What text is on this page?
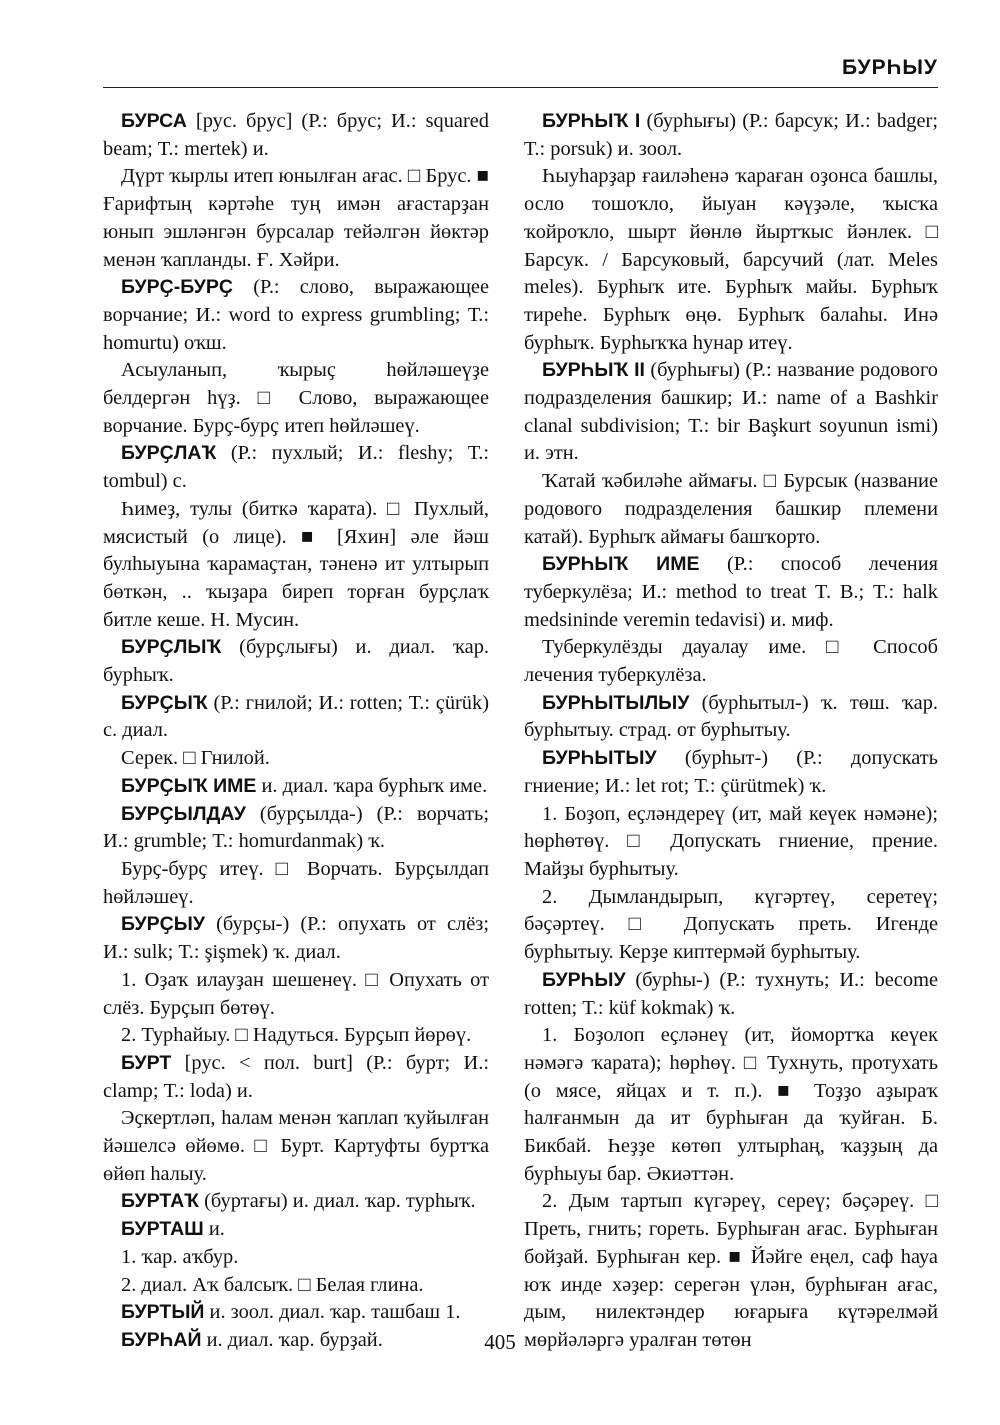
БУРҺЫУ

БУРСА [рус. брус] (Р.: брус; И.: squared beam; Т.: mertek) и.

Дүрт ҡырлы итеп юнылған ағас. □ Брус. ■ Ғарифтың кәртәһе туң имән ағастарҙан юнып эшләнгән бурсалар тейәлгән йөктәр менән ҡапланды. Ғ. Хәйри.

БУРҪ-БУРҪ (Р.: слово, выражающее ворчание; И.: word to express grumbling; Т.: homurtu) оҡш.

Асыуланып, ҡырыҫ һөйләшеүҙе белдергән һүҙ. □ Слово, выражающее ворчание. Бурҫ-бурҫ итеп һөйләшеү.

БУРҪЛАҠ (Р.: пухлый; И.: fleshy; Т.: tombul) с.

Һимеҙ, тулы (биткә ҡарата). □ Пухлый, мясистый (о лице). ■ [Яхин] әле йәш булһыуына ҡарамаҫтан, тәненә ит ултырып бөткән, .. ҡыҙара биреп торған бурҫлаҡ битле кеше. Н. Мусин.

БУРҪЛЫҠ (бурҫлығы) и. диал. ҡар. бурһыҡ.

БУРҪЫҠ (Р.: гнилой; И.: rotten; Т.: çürük) с. диал.

Серек. □ Гнилой.

БУРҪЫҠ ИМЕ и. диал. ҡара бурһыҡ име.

БУРҪЫЛДАУ (бурҫылда-) (Р.: ворчать; И.: grumble; Т.: homurdanmak) ҡ.

Бурҫ-бурҫ итеү. □ Ворчать. Бурҫылдап һөйләшеү.

БУРҪЫУ (бурҫы-) (Р.: опухать от слёз; И.: sulk; Т.: şişmek) ҡ. диал.

1. Оҙаҡ илауҙан шешенеү. □ Опухать от слёз. Бурҫып бөтөү.

2. Турһайыу. □ Надуться. Бурҫып йөрөү.

БУРТ [рус. < пол. burt] (Р.: бурт; И.: clamp; Т.: loda) и.

Эҫкертләп, һалам менән ҡаплап ҡуйылған йәшелсә өйөмө. □ Бурт. Картуфты буртҡа өйөп һалыу.

БУРТАҠ (буртағы) и. диал. ҡар. турһыҡ.

БУРТАШ и.

1. ҡар. аҡбур.

2. диал. Аҡ балсыҡ. □ Белая глина.

БУРТЫЙ и. зоол. диал. ҡар. ташбаш 1.

БУРҺАЙ и. диал. ҡар. бурҙай.

БУРҺЫҠ I (бурһығы) (Р.: барсук; И.: badger; Т.: porsuk) и. зоол.

Һыуһарҙар ғаиләһенә ҡараған оҙонса башлы, осло тошоҡло, йыуан кәүҙәле, ҡысҡа ҡойроҡло, шырт йөнлө йыртҡыс йәнлек. □ Барсук. / Барсуковый, барсучий (лат. Meles meles). Бурһыҡ ите. Бурһыҡ майы. Бурһыҡ тиреһе. Бурһыҡ өңө. Бурһыҡ балаһы. Инә бурһыҡ. Бурһыҡҡа һунар итеү.

БУРҺЫҠ II (бурһығы) (Р.: название родового подразделения башкир; И.: name of a Bashkir clanal subdivision; Т.: bir Başkurt soyunun ismi) и. этн.

Ҡатай ҡәбиләһе аймағы. □ Бурсык (название родового подразделения башкир племени катай). Бурһыҡ аймағы башҡорто.

БУРҺЫҠ ИМЕ (Р.: способ лечения туберкулёза; И.: method to treat T. B.; Т.: halk medsininde veremin tedavisi) и. миф.

Туберкулёзды дауалау име. □ Способ лечения туберкулёза.

БУРҺЫТЫЛЫУ (бурһытыл-) ҡ. төш. ҡар. бурһытыу. страд. от бурһытыу.

БУРҺЫТЫУ (бурһыт-) (Р.: допускать гниение; И.: let rot; Т.: çürütmek) ҡ.

1. Боҙоп, еҫләндереү (ит, май кеүек нәмәне); һөрһөтөү. □ Допускать гниение, прение. Майҙы бурһытыу.

2. Дымландырып, күгәртеү, серетеү; бәҫәртеү. □ Допускать преть. Игенде бурһытыу. Керҙе киптермәй бурһытыу.

БУРҺЫУ (бурһы-) (Р.: тухнуть; И.: become rotten; Т.: küf kokmak) ҡ.

1. Боҙолоп еҫләнеү (ит, йомортҡа кеүек нәмәгә ҡарата); һөрһөү. □ Тухнуть, протухать (о мясе, яйцах и т. п.). ■ Тоҙҙо аҙыраҡ һалғанмын да ит бурһыған да ҡуйған. Б. Бикбай. Һеҙҙе көтөп ултырһаң, ҡаҙҙың да бурһыуы бар. Әкиәттән.

2. Дым тартып күгәреү, сереү; бәҫәреү. □ Преть, гнить; гореть. Бурһыған ағас. Бурһыған бойҙай. Бурһыған кер. ■ Йәйге еңел, саф һауа юҡ инде хәҙер: серегән үлән, бурһыған ағас, дым, нилектәндер юғарыға күтәрелмәй мөрйәләргә уралған төтөн

405
